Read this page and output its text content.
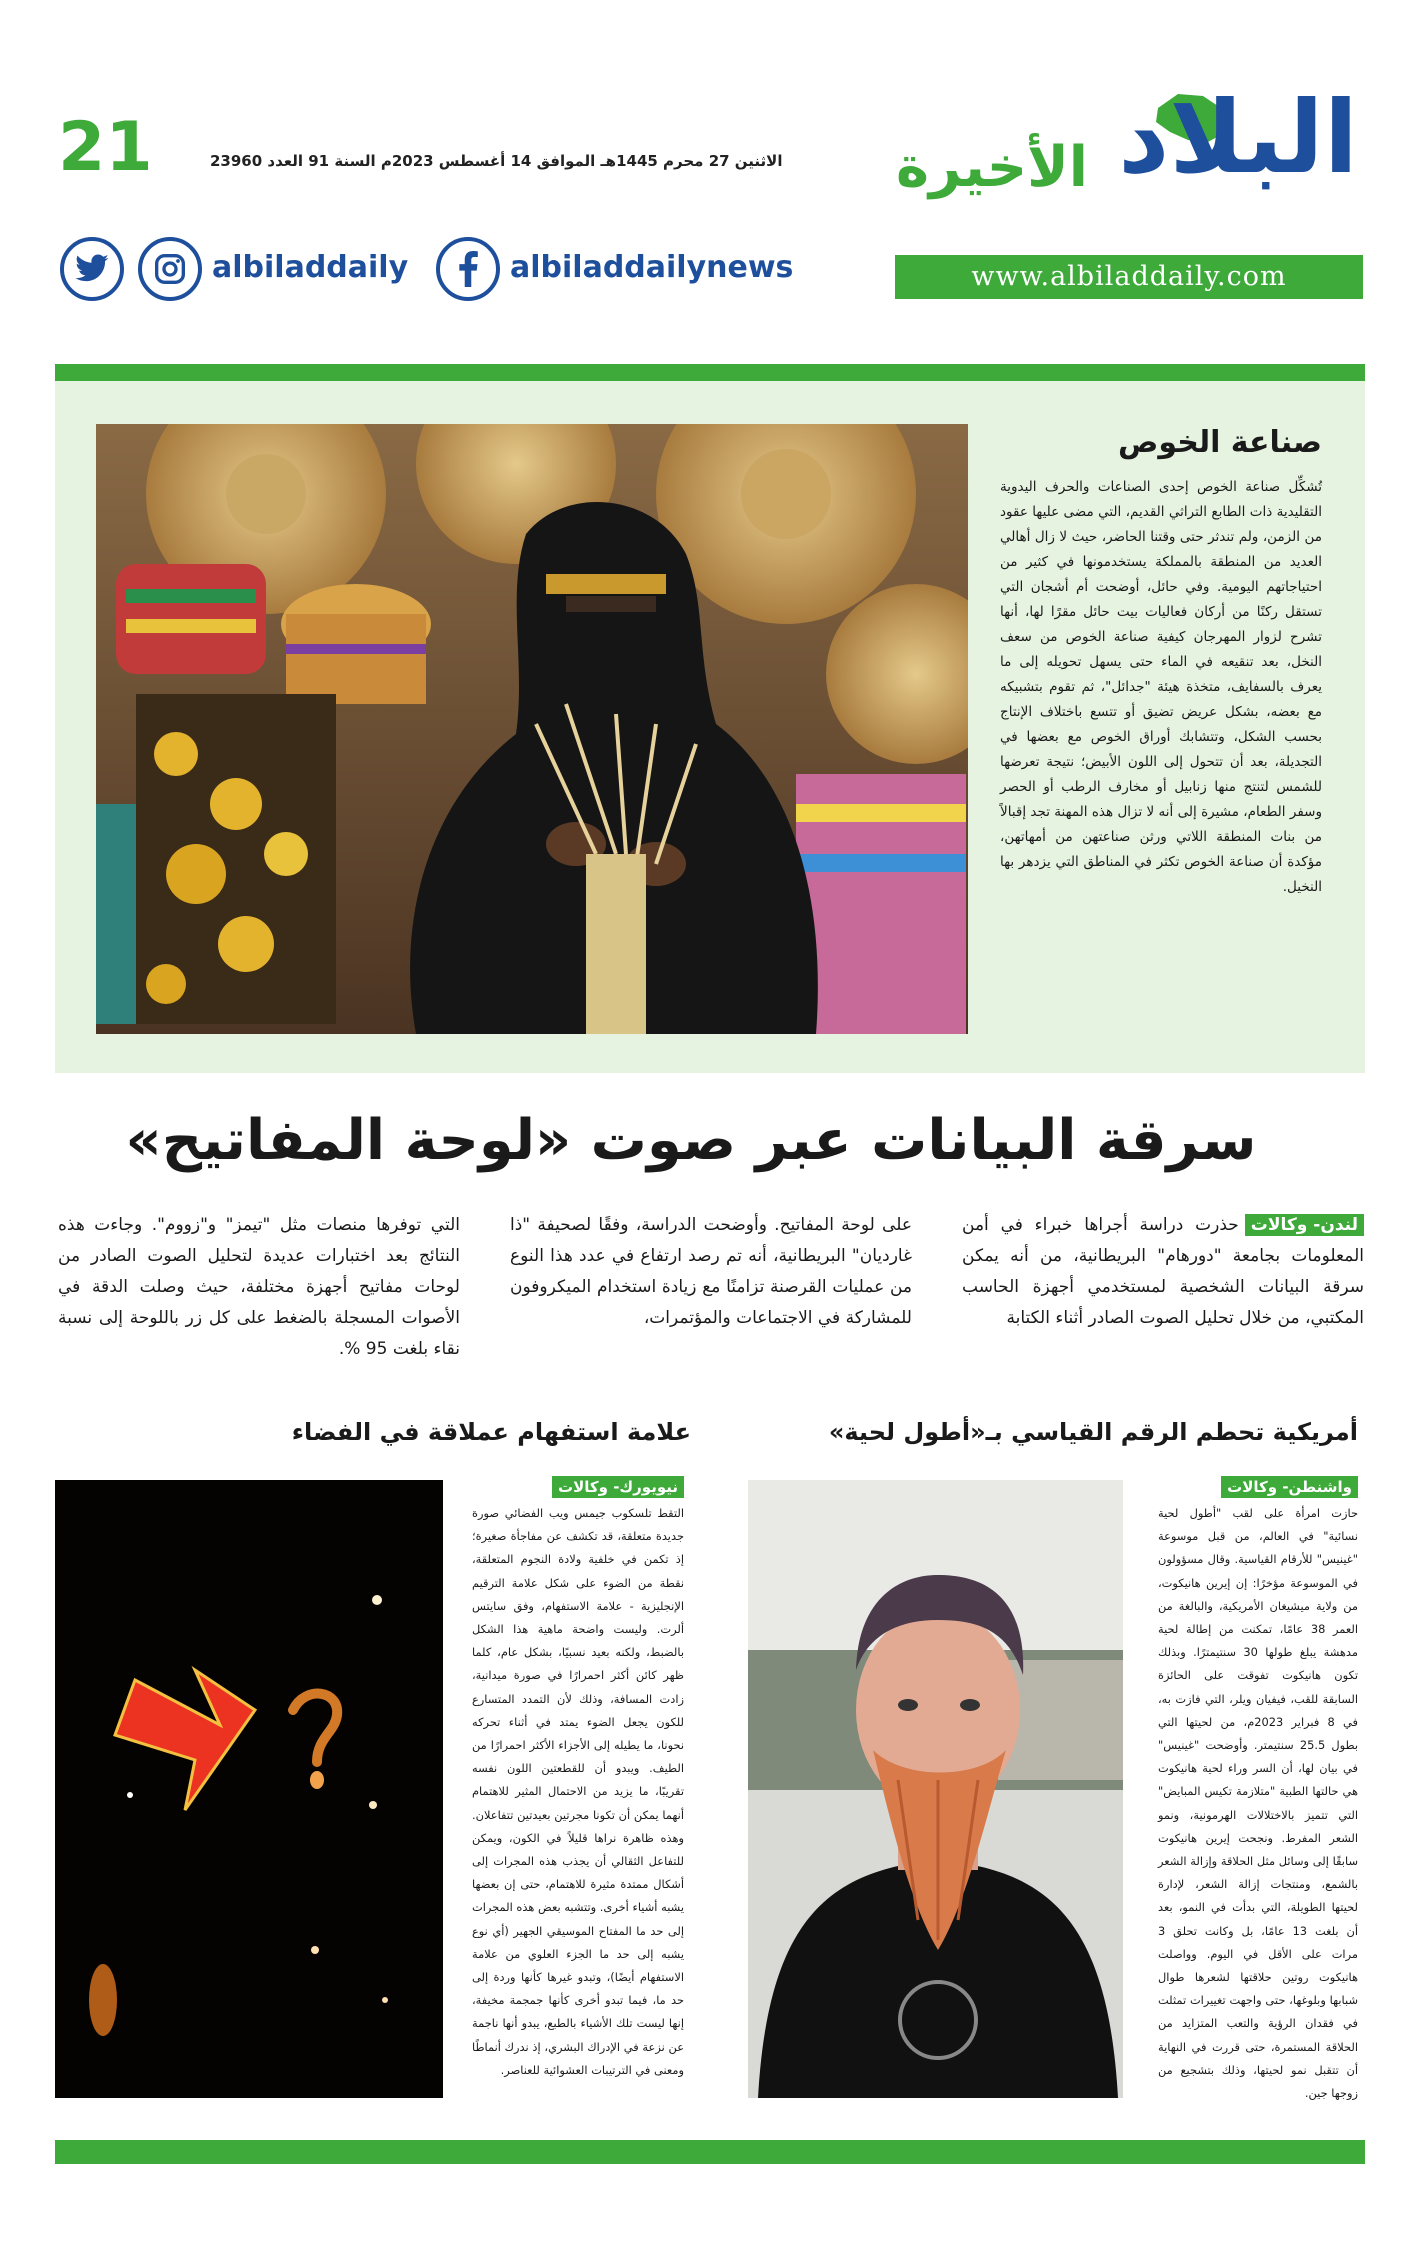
21	الاثنين 27 محرم 1445هـ الموافق 14 أغسطس 2023م السنة 91 العدد 23960	البلاد
الأخيرة
www.albiladdaily.com
albiladdaily	albiladdailynews
صناعة الخوص
تُشكِّل صناعة الخوص إحدى الصناعات والحرف اليدوية التقليدية ذات الطابع التراثي القديم، التي مضى عليها عقود من الزمن، ولم تندثر حتى وقتنا الحاضر، حيث لا زال أهالي العديد من المنطقة بالمملكة يستخدمونها في كثير من احتياجاتهم اليومية. وفي حائل، أوضحت أم أشجان التي تستقل ركنًا من أركان فعاليات بيت حائل مقرًا لها، أنها تشرح لزوار المهرجان كيفية صناعة الخوص من سعف النخل، بعد تنقيعه في الماء حتى يسهل تحويله إلى ما يعرف بالسفايف، متخذة هيئة "جدائل"، ثم تقوم بتشبيكه مع بعضه، بشكل عريض تضيق أو تتسع باختلاف الإنتاج بحسب الشكل، وتتشابك أوراق الخوص مع بعضها في التجديلة، بعد أن تتحول إلى اللون الأبيض؛ نتيجة تعرضها للشمس لتنتج منها زنابيل أو مخارف الرطب أو الحصر وسفر الطعام، مشيرة إلى أنه لا تزال هذه المهنة تجد إقبالاً من بنات المنطقة اللاتي ورثن صناعتهن من أمهاتهن، مؤكدة أن صناعة الخوص تكثر في المناطق التي يزدهر بها النخيل.
سرقة البيانات عبر صوت «لوحة المفاتيح»
لندن- وكالاتحذرت دراسة أجراها خبراء في أمن المعلومات بجامعة "دورهام" البريطانية، من أنه يمكن سرقة البيانات الشخصية لمستخدمي أجهزة الحاسب المكتبي، من خلال تحليل الصوت الصادر أثناء الكتابة
على لوحة المفاتيح. وأوضحت الدراسة، وفقًا لصحيفة "ذا غارديان" البريطانية، أنه تم رصد ارتفاع في عدد هذا النوع من عمليات القرصنة تزامنًا مع زيادة استخدام الميكروفون للمشاركة في الاجتماعات والمؤتمرات،
التي توفرها منصات مثل "تيمز" و"زووم". وجاءت هذه النتائج بعد اختبارات عديدة لتحليل الصوت الصادر من لوحات مفاتيح أجهزة مختلفة، حيث وصلت الدقة في الأصوات المسجلة بالضغط على كل زر باللوحة إلى نسبة نقاء بلغت 95 %.
أمريكية تحطم الرقم القياسي بـ«أطول لحية»
واشنطن- وكالات
حازت امرأة على لقب "أطول لحية نسائية" في العالم، من قبل موسوعة "غينيس" للأرقام القياسية. وقال مسؤولون في الموسوعة مؤخرًا: إن إيرين هانيكوت، من ولاية ميشيغان الأمريكية، والبالغة من العمر 38 عامًا، تمكنت من إطالة لحية مدهشة يبلغ طولها 30 سنتيمترًا. وبذلك تكون هانيكوت تفوقت على الحائزة السابقة للقب، فيفيان ويلر، التي فازت به، في 8 فبراير 2023م، من لحيتها التي بطول 25.5 سنتيمتر. وأوضحت "غينيس" في بيان لها، أن السر وراء لحية هانيكوت هي حالتها الطبية "متلازمة تكيس المبايض" التي تتميز بالاختلالات الهرمونية، ونمو الشعر المفرط. ونجحت إيرين هانيكوت سابقًا إلى وسائل مثل الحلاقة وإزالة الشعر بالشمع، ومنتجات إزالة الشعر، لإدارة لحيتها الطويلة، التي بدأت في النمو، بعد أن بلغت 13 عامًا، بل وكانت تحلق 3 مرات على الأقل في اليوم. وواصلت هانيكوت روتين حلاقتها لشعرها طوال شبابها وبلوغها، حتى واجهت تغييرات تمثلت في فقدان الرؤية والتعب المتزايد من الحلاقة المستمرة، حتى قررت في النهاية أن تتقبل نمو لحيتها، وذلك بتشجيع من زوجها جين.
علامة استفهام عملاقة في الفضاء
نيويورك- وكالات
التقط تلسكوب جيمس ويب الفضائي صورة جديدة متعلقة، قد تكشف عن مفاجأة صغيرة؛ إذ تكمن في خلفية ولادة النجوم المتعلقة، نقطة من الضوء على شكل علامة الترقيم الإنجليزية - علامة الاستفهام، وفق سايتس ألرت. وليست واضحة ماهية هذا الشكل بالضبط، ولكنه بعيد نسبيًا، بشكل عام، كلما ظهر كائن أكثر احمرارًا في صورة ميدانية، زادت المسافة، وذلك لأن التمدد المتسارع للكون يجعل الضوء يمتد في أثناء تحركه نحونا، ما يطيله إلى الأجزاء الأكثر احمرارًا من الطيف. ويبدو أن للقطعتين اللون نفسه تقريبًا، ما يزيد من الاحتمال المثير للاهتمام أنهما يمكن أن تكونا مجرتين بعيدتين تتفاعلان. وهذه ظاهرة نراها قليلاً في الكون، ويمكن للتفاعل الثقالي أن يجذب هذه المجرات إلى أشكال ممتدة مثيرة للاهتمام، حتى إن بعضها يشبه أشياء أخرى. وتتشبه بعض هذه المجرات إلى حد ما المفتاح الموسيقي الجهير (أي نوع يشبه إلى حد ما الجزء العلوي من علامة الاستفهام أيضًا)، وتبدو غيرها كأنها وردة إلى حد ما، فيما تبدو أخرى كأنها جمجمة مخيفة، إنها ليست تلك الأشياء بالطبع، يبدو أنها ناجمة عن نزعة في الإدراك البشري، إذ ندرك أنماطًا ومعنى في الترتيبات العشوائية للعناصر.
